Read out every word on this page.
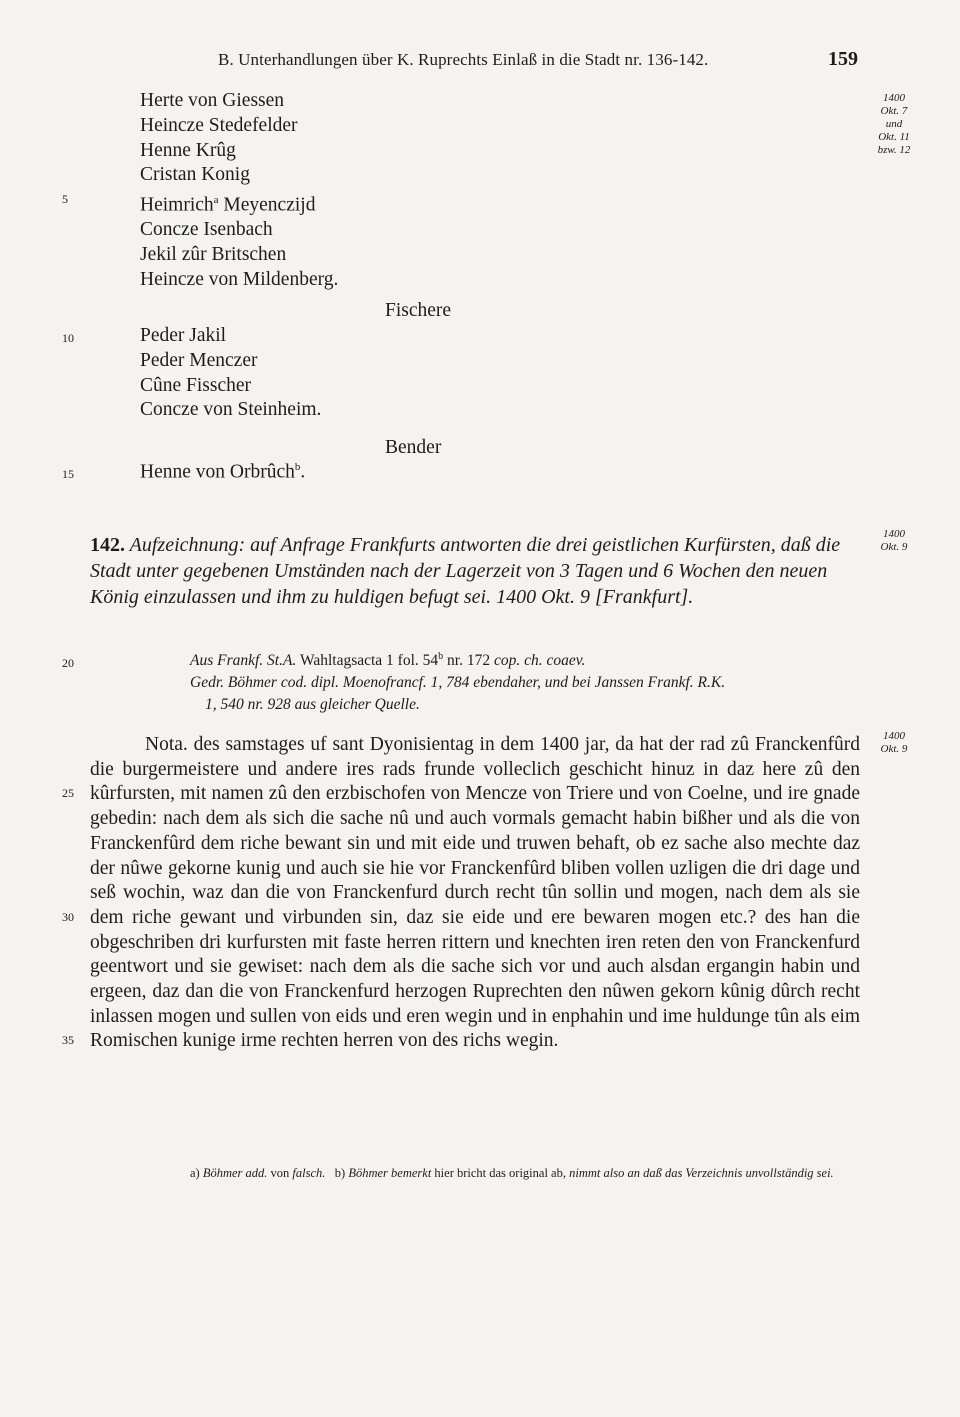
B. Unterhandlungen über K. Ruprechts Einlaß in die Stadt nr. 136-142.	159
1400
Okt. 7
und
Okt. 11
bzw. 12
5
10
15
20
25
30
35
Herte von Giessen
Heincze Stedefelder
Henne Krûg
Cristan Konig
Heimrich$^a$ Meyenczijd
Concze Isenbach
Jekil zûr Britschen
Heincze von Mildenberg.
Fischere
Peder Jakil
Peder Menczer
Cûne Fisscher
Concze von Steinheim.
Bender
Henne von Orbrûch$^b$.
142. Aufzeichnung: auf Anfrage Frankfurts antworten die drei geistlichen Kurfürsten, daß die Stadt unter gegebenen Umständen nach der Lagerzeit von 3 Tagen und 6 Wochen den neuen König einzulassen und ihm zu huldigen befugt sei. 1400 Okt. 9 [Frankfurt].
1400
Okt. 9
Aus Frankf. St.A. Wahltagsacta 1 fol. 54$^b$ nr. 172 cop. ch. coaev.
Gedr. Böhmer cod. dipl. Moenofrancf. 1, 784 ebendaher, und bei Janssen Frankf. R.K.
1, 540 nr. 928 aus gleicher Quelle.
Nota. des samstages uf sant Dyonisientag in dem 1400 jar, da hat der rad zû Franckenfûrd die burgermeistere und andere ires rads frunde volleclich geschicht hinuz in daz here zû den kûrfursten, mit namen zû den erzbischofen von Mencze von Triere und von Coelne, und ire gnade gebedin: nach dem als sich die sache nû und auch vormals gemacht habin bißher und als die von Franckenfûrd dem riche bewant sin und mit eide und truwen behaft, ob ez sache also mechte daz der nûwe gekorne kunig und auch sie hie vor Franckenfûrd bliben vollen uzligen die dri dage und seß wochin, waz dan die von Franckenfurd durch recht tûn sollin und mogen, nach dem als sie dem riche gewant und virbunden sin, daz sie eide und ere bewaren mogen etc.? des han die obgeschriben dri kurfursten mit faste herren rittern und knechten iren reten den von Franckenfurd geentwort und sie gewiset: nach dem als die sache sich vor und auch alsdan ergangin habin und ergeen, daz dan die von Franckenfurd herzogen Ruprechten den nûwen gekorn kûnig dûrch recht inlassen mogen und sullen von eids und eren wegin und in enphahin und ime huldunge tûn als eim Romischen kunige irme rechten herren von des richs wegin.
1400
Okt. 9
a) Böhmer add. von falsch. b) Böhmer bemerkt hier bricht das original ab, nimmt also an daß das Verzeichnis unvollständig sei.
